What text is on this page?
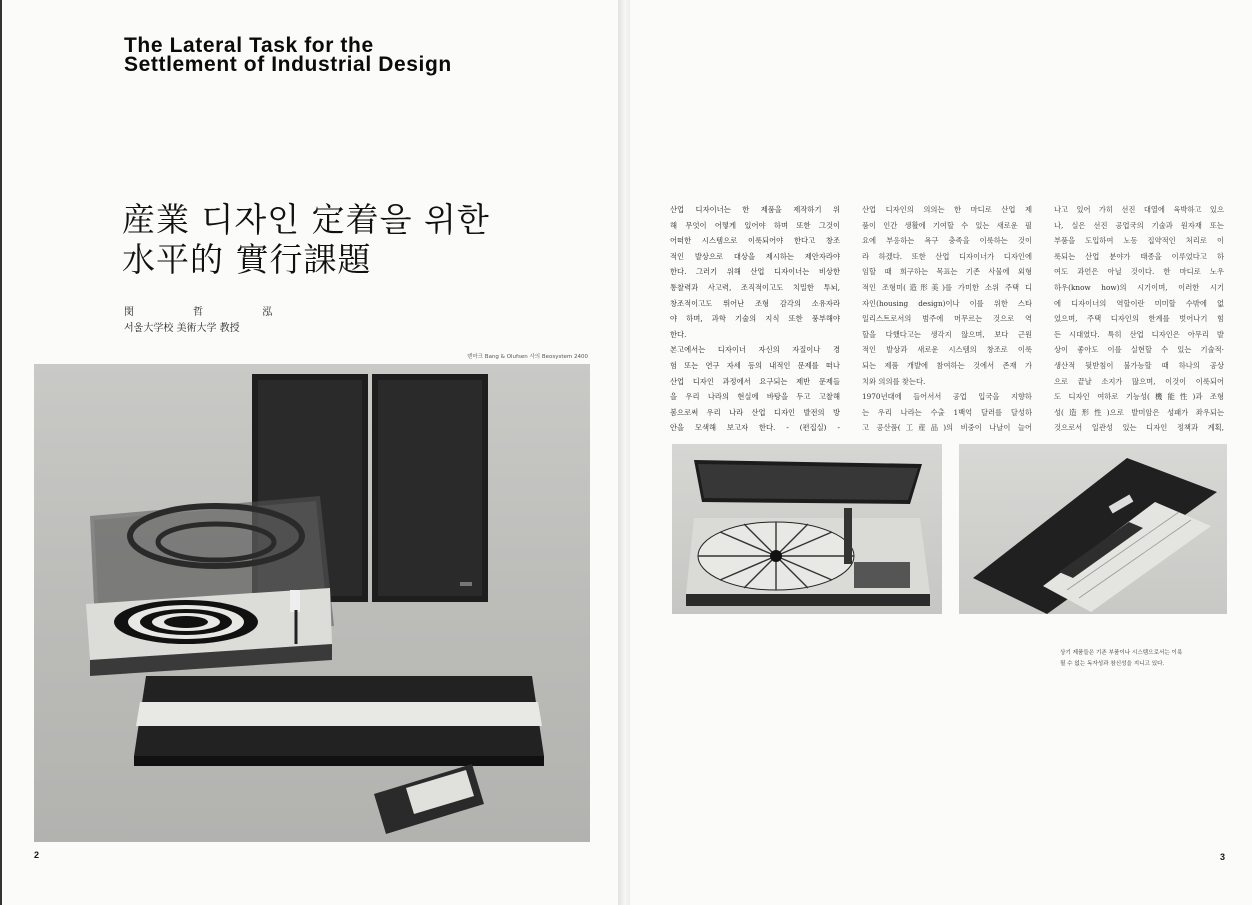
The Lateral Task for the
Settlement of Industrial Design
産業 디자인 定着을 위한
水平的 實行課題
閔 哲 泓
서울大学校 美術大学 教授
덴마크 Bang & Olufsen 사의 Beosystem 2400
2

산업 디자이너는 한 제품을 제작하기 위

해 무엇이 어떻게 있어야 하며 또한 그것이

어떠한 시스템으로 이룩되어야 한다고 창조

적인 발상으로 대상을 제시하는 제안자라야

한다. 그러기 위해 산업 디자이너는 비상한

통찰력과 사고력, 조직적이고도 치밀한 투뇌,

창조적이고도 뛰어난 조형 감각의 소유자라

야 하며, 과학 기술의 지식 또한 풍부해야

한다.

본고에서는 디자이너 자신의 자질이나 경

험 또는 연구 자세 등의 내적인 문제를 떠나

산업 디자인 과정에서 요구되는 제반 문제들

을 우리 나라의 현실에 바탕을 두고 고찰해

봄으로써 우리 나라 산업 디자인 발전의 방

안을 모색해 보고자 한다. - (편집실) -

산업 디자인의 의의는 한 마디로 산업 제

품이 인간 생활에 기여할 수 있는 새로운 필

요에 부응하는 욕구 충족을 이룩하는 것이

라 하겠다. 또한 산업 디자이너가 디자인에

임할 때 희구하는 목표는 기존 사물에 외형

적인 조형미(造形美)를 가미한 소위 주택 디

자인(housing design)이나 이를 위한 스타

일리스트로서의 범주에 머무르는 것으로 역

할을 다했다고는 생각지 않으며, 보다 근원

적인 발상과 새로운 시스템의 창조로 이룩

되는 제품 개발에 참여하는 것에서 존재 가

치와 의의를 찾는다.

1970년대에 들어서서 공업 입국을 지향하

는 우리 나라는 수출 1백억 달러를 달성하

고 공산품(工産品)의 비중이 나날이 늘어

나고 있어 가히 선진 대열에 육박하고 있으

나, 실은 선진 공업국의 기술과 원자재 또는

부품을 도입하여 노동 집약적인 처리로 이

룩되는 산업 분야가 태종을 이루었다고 하

여도 과언은 아닐 것이다. 한 마디로 노우

하우(know how)의 시기이며, 이러한 시기

에 디자이너의 역할이란 미미할 수밖에 없

었으며, 주택 디자인의 한계를 벗어나기 힘

든 시대였다. 특히 산업 디자인은 아무리 발

상이 좋아도 이를 실현할 수 있는 기술적·

생산적 뒷받침이 불가능할 때 하나의 공상

으로 끝날 소지가 많으며, 이것이 이룩되어

도 디자인 여하로 기능성(機能性)과 조형

성(造形性)으로 발미암은 성패가 좌우되는

것으로서 일관성 있는 디자인 정책과 계획,

상기 제품들은 기존 부품이나 시스템으로서는 이룩

될 수 없는 독자성과 참신성을 지니고 있다.

3
